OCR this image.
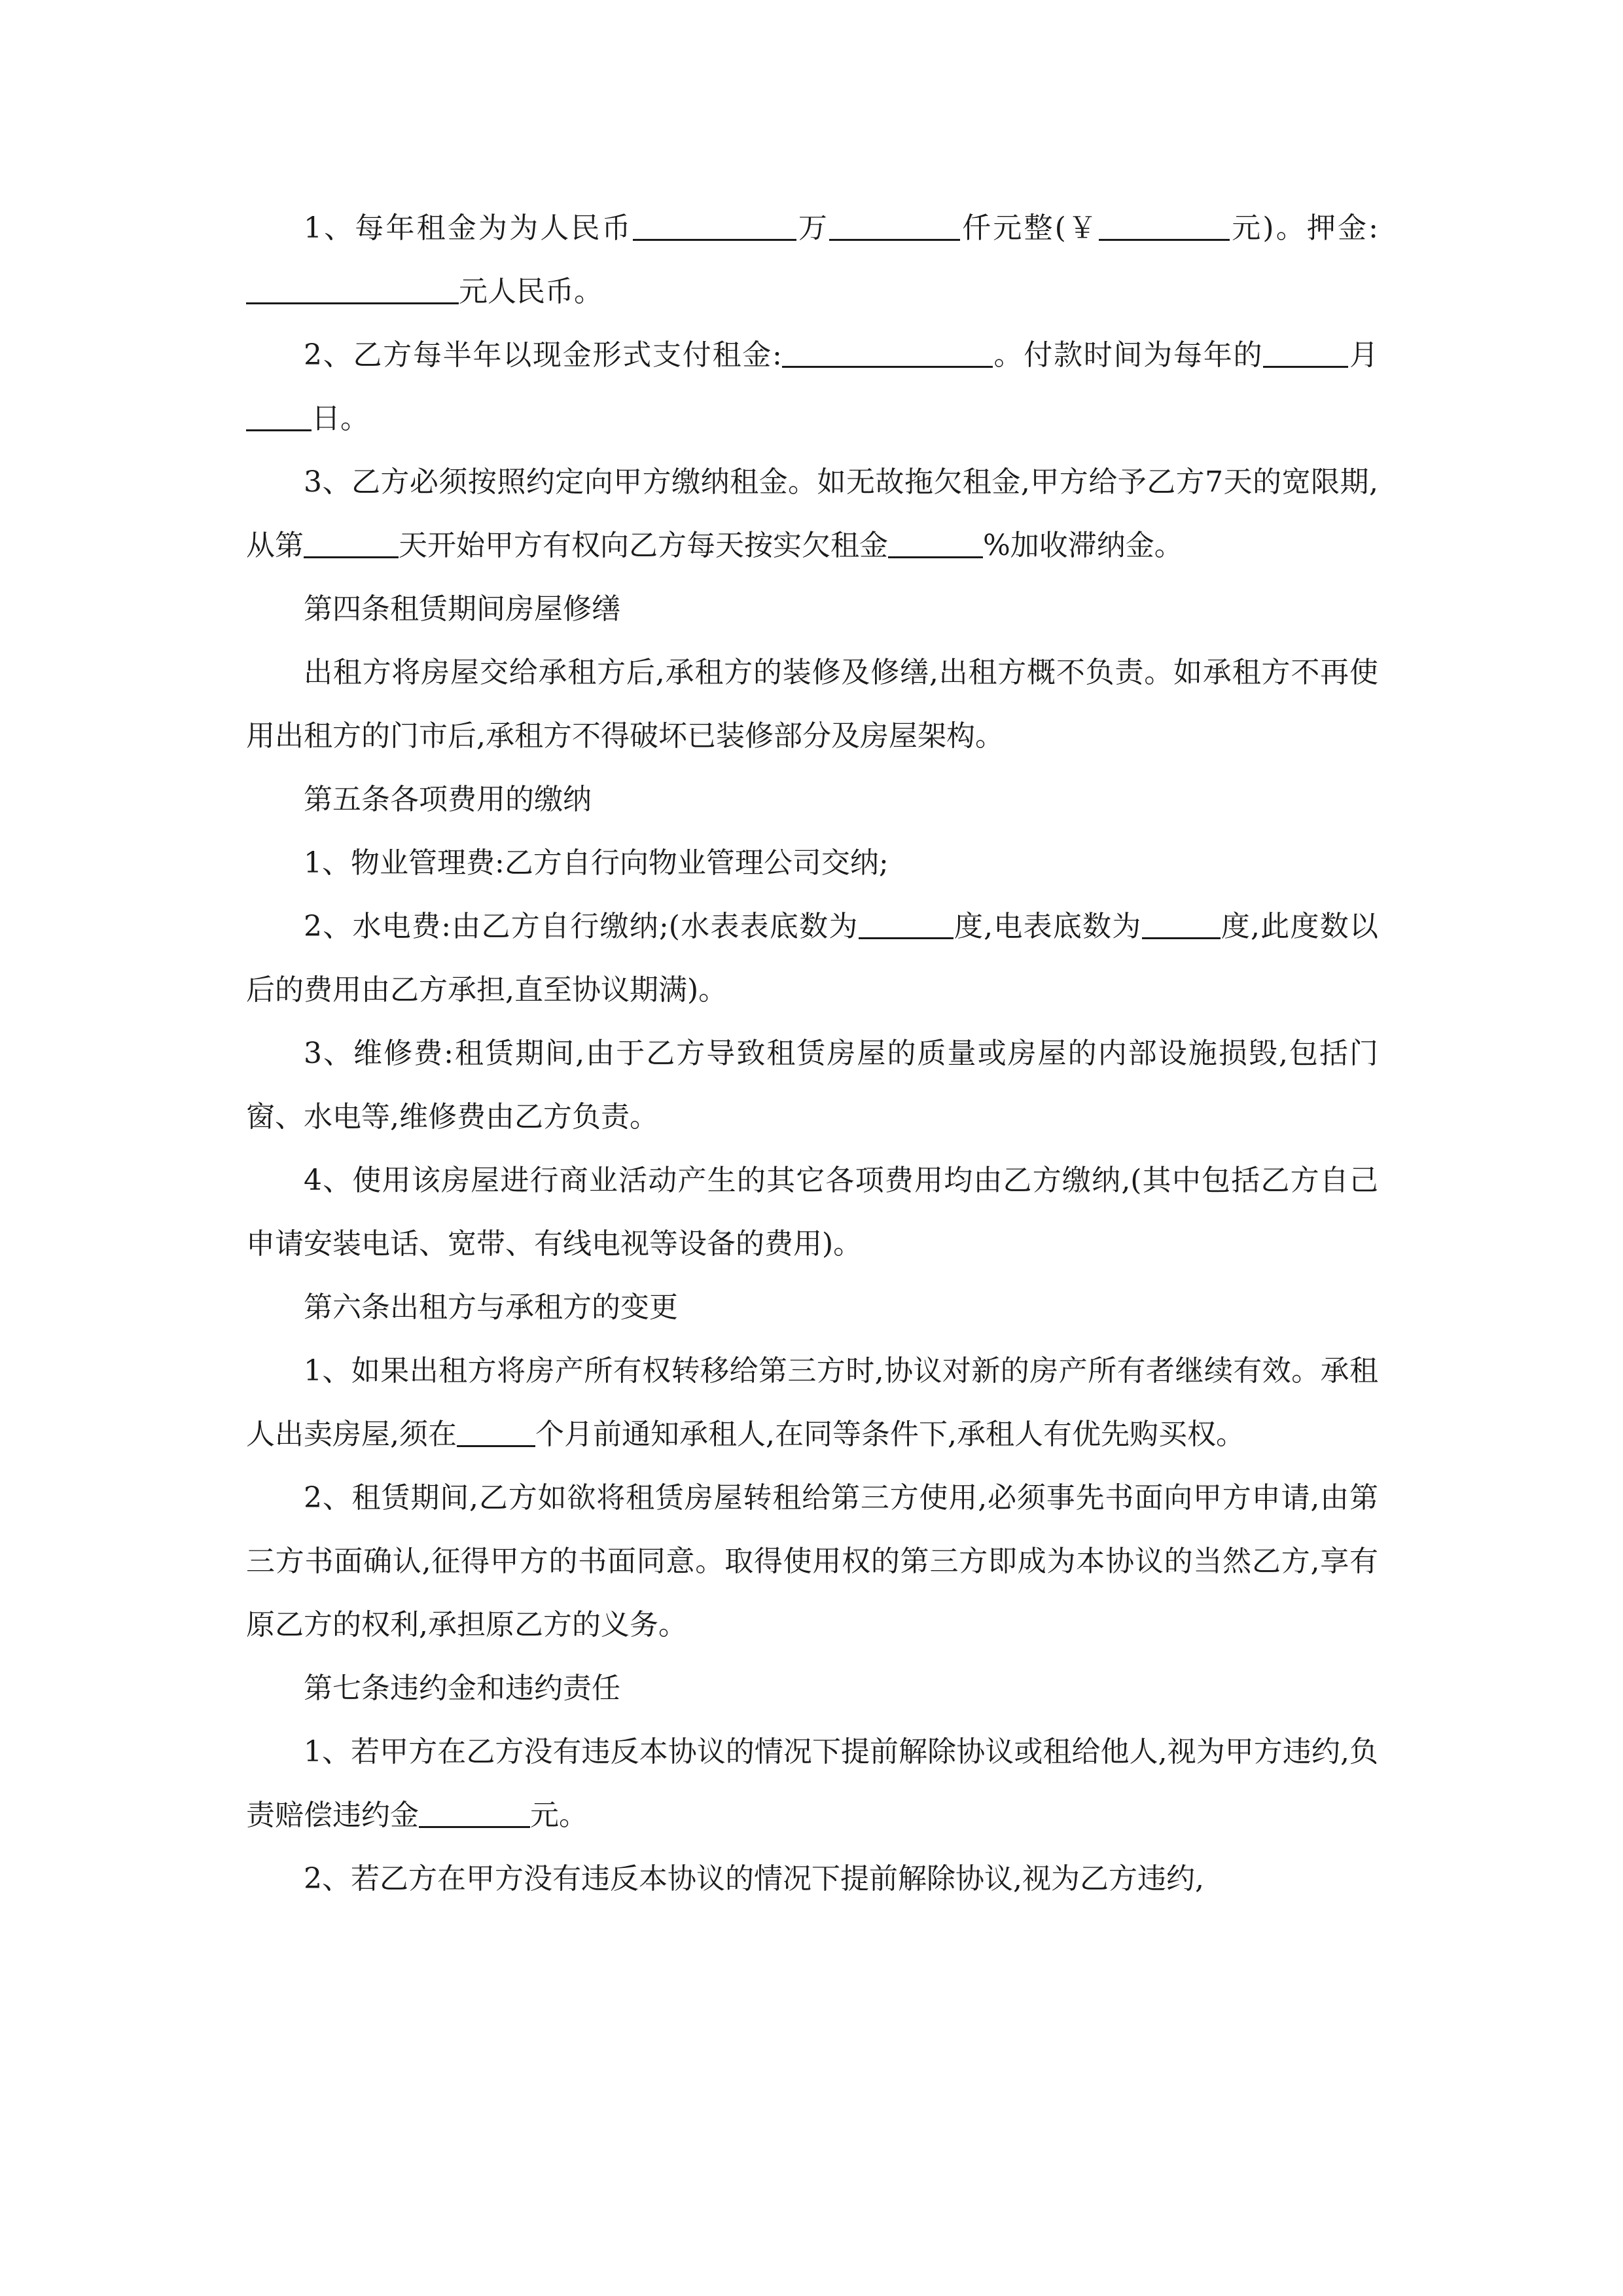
1、每年租金为为人民币	万	仟元整(￥	元)。押金:元人民币。

2、乙方每半年以现金形式支付租金:	。付款时间为每年的	月日。

3、乙方必须按照约定向甲方缴纳租金。如无故拖欠租金,甲方给予乙方7天的宽限期,从第	天开始甲方有权向乙方每天按实欠租金	%加收滞纳金。

第四条租赁期间房屋修缮

出租方将房屋交给承租方后,承租方的装修及修缮,出租方概不负责。如承租方不再使用出租方的门市后,承租方不得破坏已装修部分及房屋架构。

第五条各项费用的缴纳

1、物业管理费:乙方自行向物业管理公司交纳;

2、水电费:由乙方自行缴纳;(水表表底数为	度,电表底数为	度,此度数以后的费用由乙方承担,直至协议期满)。

3、维修费:租赁期间,由于乙方导致租赁房屋的质量或房屋的内部设施损毁,包括门窗、水电等,维修费由乙方负责。

4、使用该房屋进行商业活动产生的其它各项费用均由乙方缴纳,(其中包括乙方自己申请安装电话、宽带、有线电视等设备的费用)。

第六条出租方与承租方的变更

1、如果出租方将房产所有权转移给第三方时,协议对新的房产所有者继续有效。承租人出卖房屋,须在	个月前通知承租人,在同等条件下,承租人有优先购买权。

2、租赁期间,乙方如欲将租赁房屋转租给第三方使用,必须事先书面向甲方申请,由第三方书面确认,征得甲方的书面同意。取得使用权的第三方即成为本协议的当然乙方,享有原乙方的权利,承担原乙方的义务。

第七条违约金和违约责任

1、若甲方在乙方没有违反本协议的情况下提前解除协议或租给他人,视为甲方违约,负责赔偿违约金	元。

2、若乙方在甲方没有违反本协议的情况下提前解除协议,视为乙方违约,
